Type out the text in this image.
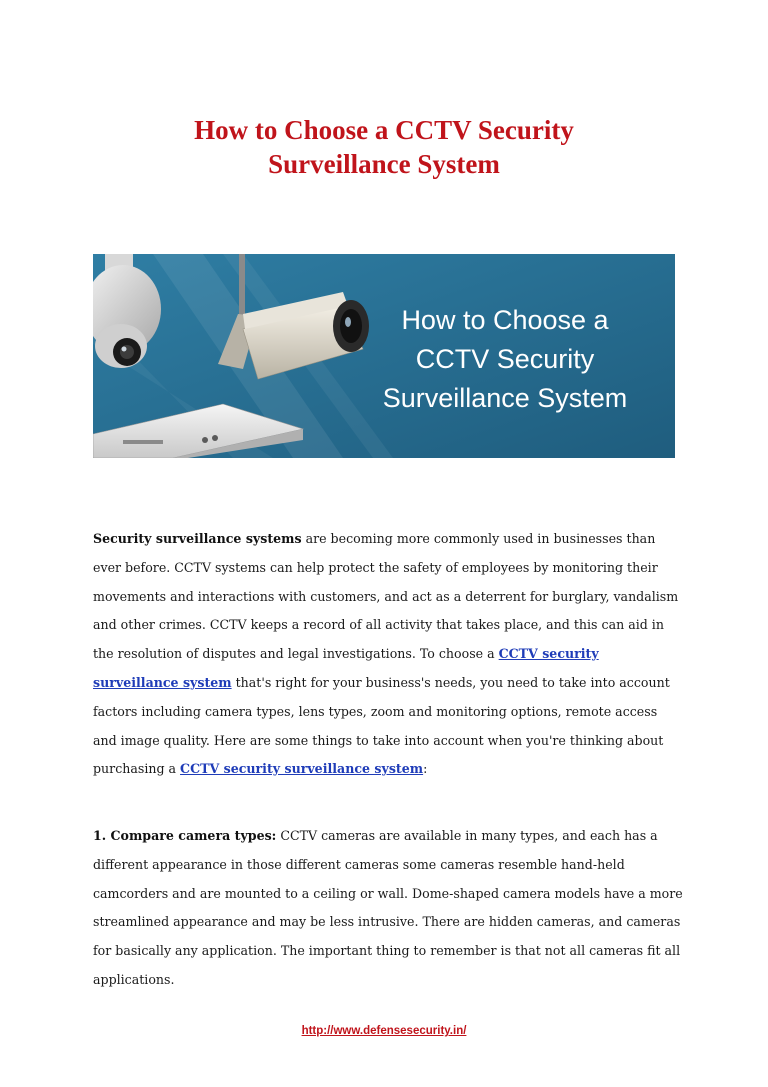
How to Choose a CCTV Security
Surveillance System
How to Choose a
CCTV Security
Surveillance System
Security surveillance systems are becoming more commonly used in businesses than ever before. CCTV systems can help protect the safety of employees by monitoring their movements and interactions with customers, and act as a deterrent for burglary, vandalism and other crimes. CCTV keeps a record of all activity that takes place, and this can aid in the resolution of disputes and legal investigations. To choose a CCTV security surveillance system that's right for your business's needs, you need to take into account factors including camera types, lens types, zoom and monitoring options, remote access and image quality. Here are some things to take into account when you're thinking about purchasing a CCTV security surveillance system:
1. Compare camera types: CCTV cameras are available in many types, and each has a different appearance in those different cameras some cameras resemble hand-held camcorders and are mounted to a ceiling or wall. Dome-shaped camera models have a more streamlined appearance and may be less intrusive. There are hidden cameras, and cameras for basically any application. The important thing to remember is that not all cameras fit all applications.
http://www.defensesecurity.in/
